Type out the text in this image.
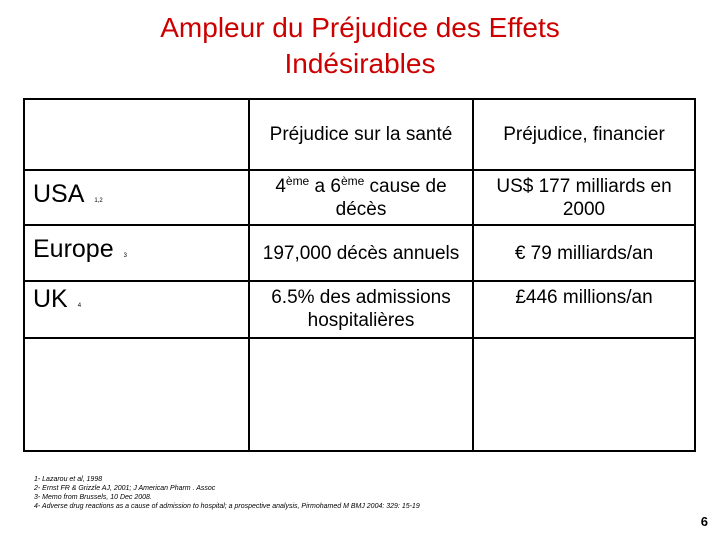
Ampleur du Préjudice des Effets
Indésirables
	Préjudice sur la santé	Préjudice, financier
USA 1,2	4ème a 6ème cause de décès	US$ 177 milliards en 2000
Europe 3	197,000 décès annuels	€ 79 milliards/an
UK 4	6.5% des admissions hospitalières	£446 millions/an

1- Lazarou et al, 1998
2- Ernst FR & Grizzle AJ, 2001; J American Pharm . Assoc
3- Memo from Brussels, 10 Dec 2008.
4- Adverse drug reactions as a cause of admission to hospital; a prospective analysis, Pirmohamed M BMJ 2004: 329: 15-19
6
